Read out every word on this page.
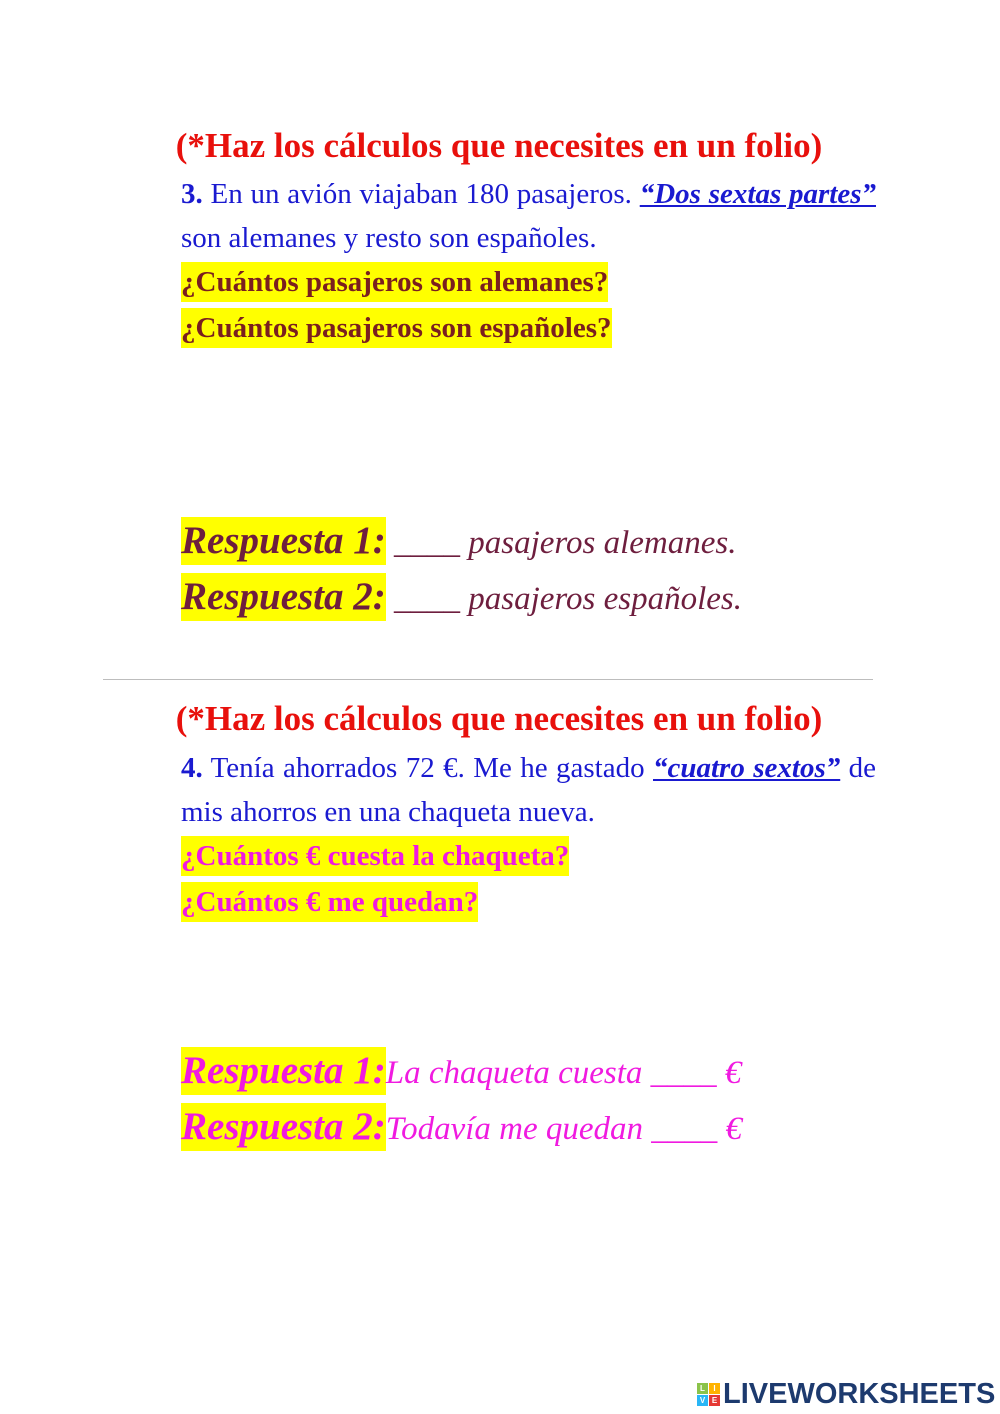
(*Haz los cálculos que necesites en un folio)
3. En un avión viajaban 180 pasajeros. “Dos sextas partes” son alemanes y resto son españoles.
¿Cuántos pasajeros son alemanes?
¿Cuántos pasajeros son españoles?
Respuesta 1: ____ pasajeros alemanes.
Respuesta 2: ____ pasajeros españoles.
(*Haz los cálculos que necesites en un folio)
4. Tenía ahorrados 72 €. Me he gastado “cuatro sextos” de mis ahorros en una chaqueta nueva.
¿Cuántos € cuesta la chaqueta?
¿Cuántos € me quedan?
Respuesta 1:La chaqueta cuesta ____ €
Respuesta 2:Todavía me quedan ____ €
L	I
V E LIVEWORKSHEETS
